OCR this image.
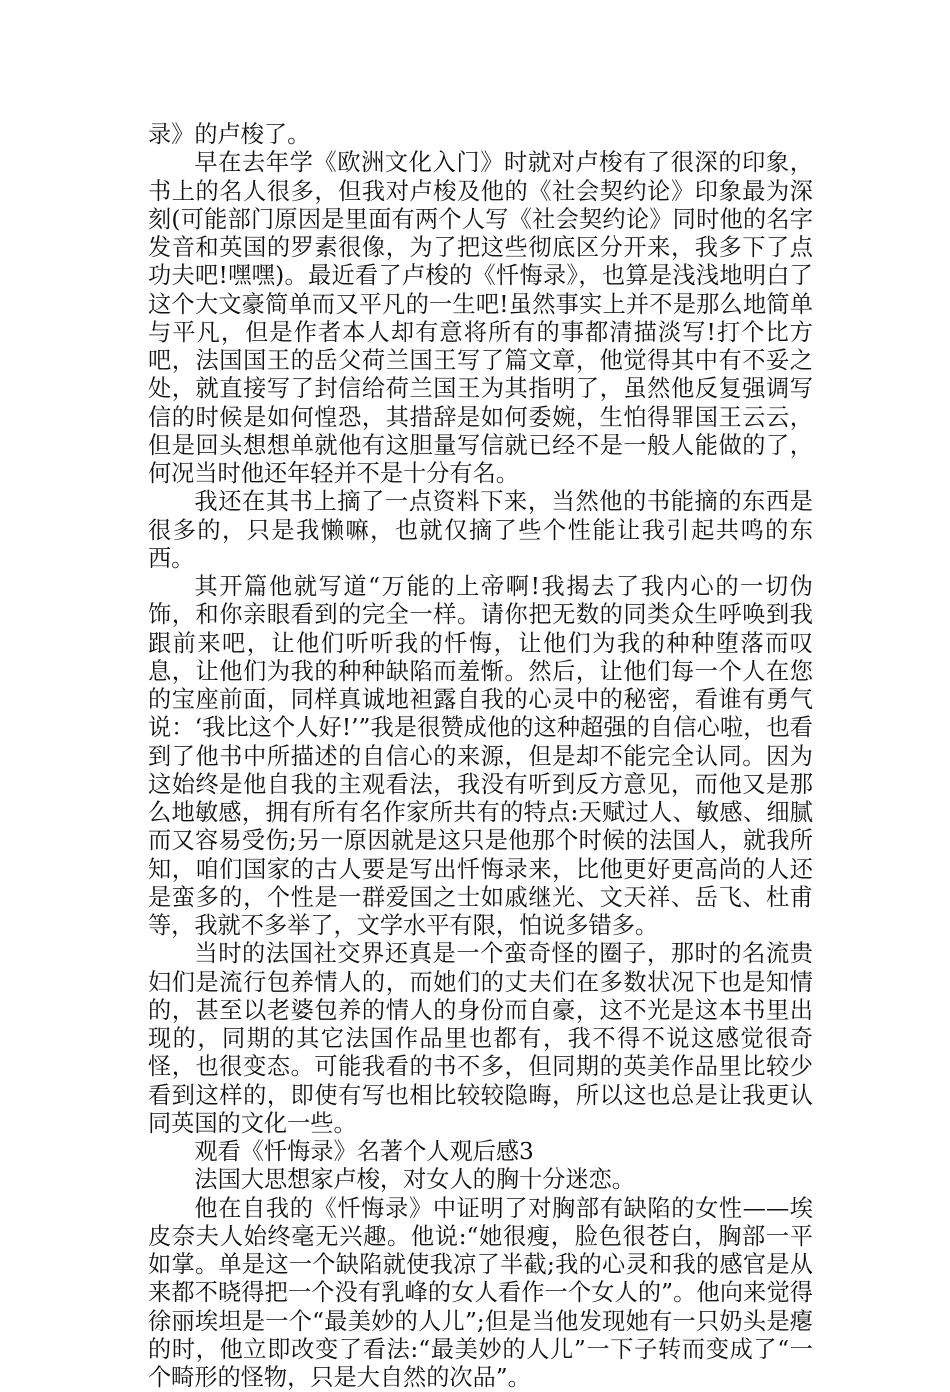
录》的卢梭了。

早在去年学《欧洲文化入门》时就对卢梭有了很深的印象，书上的名人很多，但我对卢梭及他的《社会契约论》印象最为深刻(可能部门原因是里面有两个人写《社会契约论》同时他的名字发音和英国的罗素很像，为了把这些彻底区分开来，我多下了点功夫吧!嘿嘿)。最近看了卢梭的《忏悔录》，也算是浅浅地明白了这个大文豪简单而又平凡的一生吧!虽然事实上并不是那么地简单与平凡，但是作者本人却有意将所有的事都清描淡写!打个比方吧，法国国王的岳父荷兰国王写了篇文章，他觉得其中有不妥之处，就直接写了封信给荷兰国王为其指明了，虽然他反复强调写信的时候是如何惶恐，其措辞是如何委婉，生怕得罪国王云云，但是回头想想单就他有这胆量写信就已经不是一般人能做的了，何况当时他还年轻并不是十分有名。

我还在其书上摘了一点资料下来，当然他的书能摘的东西是很多的，只是我懒嘛，也就仅摘了些个性能让我引起共鸣的东西。

其开篇他就写道“万能的上帝啊!我揭去了我内心的一切伪饰，和你亲眼看到的完全一样。请你把无数的同类众生呼唤到我跟前来吧，让他们听听我的忏悔，让他们为我的种种堕落而叹息，让他们为我的种种缺陷而羞惭。然后，让他们每一个人在您的宝座前面，同样真诚地袒露自我的心灵中的秘密，看谁有勇气说：‘我比这个人好!’”我是很赞成他的这种超强的自信心啦，也看到了他书中所描述的自信心的来源，但是却不能完全认同。因为这始终是他自我的主观看法，我没有听到反方意见，而他又是那么地敏感，拥有所有名作家所共有的特点:天赋过人、敏感、细腻而又容易受伤;另一原因就是这只是他那个时候的法国人，就我所知，咱们国家的古人要是写出忏悔录来，比他更好更高尚的人还是蛮多的，个性是一群爱国之士如戚继光、文天祥、岳飞、杜甫等，我就不多举了，文学水平有限，怕说多错多。

当时的法国社交界还真是一个蛮奇怪的圈子，那时的名流贵妇们是流行包养情人的，而她们的丈夫们在多数状况下也是知情的，甚至以老婆包养的情人的身份而自豪，这不光是这本书里出现的，同期的其它法国作品里也都有，我不得不说这感觉很奇怪，也很变态。可能我看的书不多，但同期的英美作品里比较少看到这样的，即使有写也相比较较隐晦，所以这也总是让我更认同英国的文化一些。

观看《忏悔录》名著个人观后感3

法国大思想家卢梭，对女人的胸十分迷恋。

他在自我的《忏悔录》中证明了对胸部有缺陷的女性——埃皮奈夫人始终毫无兴趣。他说:“她很瘦，脸色很苍白，胸部一平如掌。单是这一个缺陷就使我凉了半截;我的心灵和我的感官是从来都不晓得把一个没有乳峰的女人看作一个女人的”。他向来觉得徐丽埃坦是一个“最美妙的人儿”;但是当他发现她有一只奶头是瘪的时，他立即改变了看法:“最美妙的人儿”一下子转而变成了“一个畸形的怪物，只是大自然的次品”。
